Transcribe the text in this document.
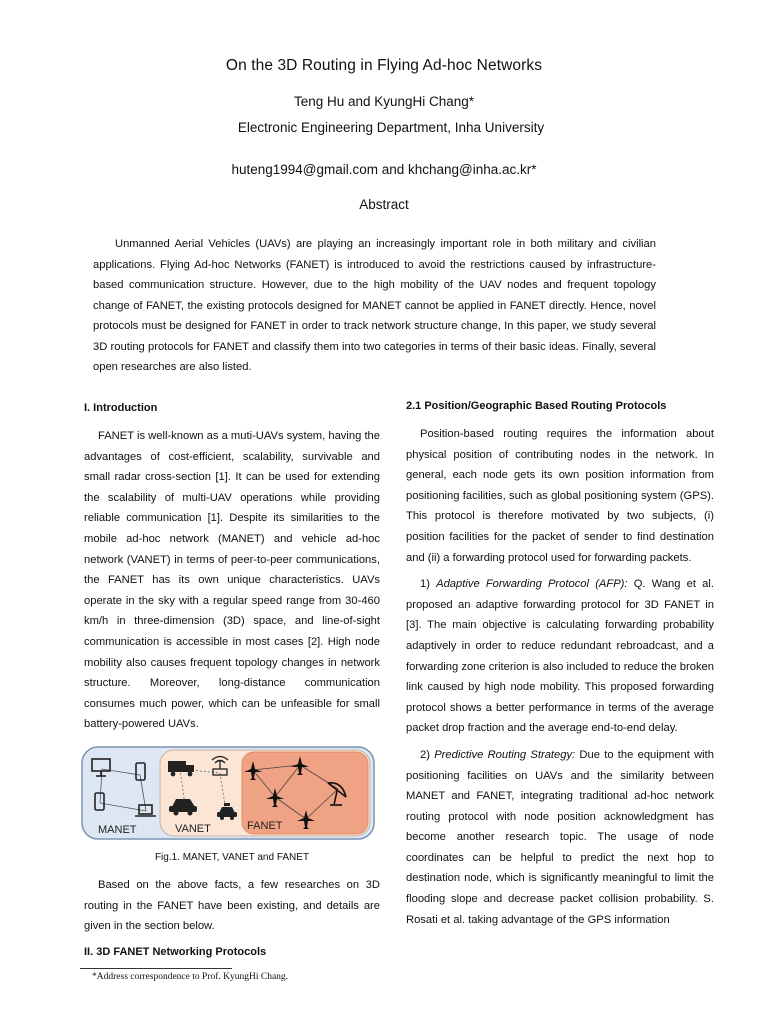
On the 3D Routing in Flying Ad-hoc Networks
Teng Hu and KyungHi Chang*
Electronic Engineering Department, Inha University
huteng1994@gmail.com and khchang@inha.ac.kr*
Abstract

Unmanned Aerial Vehicles (UAVs) are playing an increasingly important role in both military and civilian applications. Flying Ad-hoc Networks (FANET) is introduced to avoid the restrictions caused by infrastructure-based communication structure. However, due to the high mobility of the UAV nodes and frequent topology change of FANET, the existing protocols designed for MANET cannot be applied in FANET directly. Hence, novel protocols must be designed for FANET in order to track network structure change, In this paper, we study several 3D routing protocols for FANET and classify them into two categories in terms of their basic ideas. Finally, several open researches are also listed.

I. Introduction

FANET is well-known as a muti-UAVs system, having the advantages of cost-efficient, scalability, survivable and small radar cross-section [1]. It can be used for extending the scalability of multi-UAV operations while providing reliable communication [1]. Despite its similarities to the mobile ad-hoc network (MANET) and vehicle ad-hoc network (VANET) in terms of peer-to-peer communications, the FANET has its own unique characteristics. UAVs operate in the sky with a regular speed range from 30-460 km/h in three-dimension (3D) space, and line-of-sight communication is accessible in most cases [2]. High node mobility also causes frequent topology changes in network structure. Moreover, long-distance communication consumes much power, which can be unfeasible for small battery-powered UAVs.

MANET	VANET	FANET
Fig.1. MANET, VANET and FANET

Based on the above facts, a few researches on 3D routing in the FANET have been existing, and details are given in the section below.

II. 3D FANET Networking Protocols
2.1 Position/Geographic Based Routing Protocols

Position-based routing requires the information about physical position of contributing nodes in the network. In general, each node gets its own position information from positioning facilities, such as global positioning system (GPS). This protocol is therefore motivated by two subjects, (i) position facilities for the packet of sender to find destination and (ii) a forwarding protocol used for forwarding packets.

1) Adaptive Forwarding Protocol (AFP): Q. Wang et al. proposed an adaptive forwarding protocol for 3D FANET in [3]. The main objective is calculating forwarding probability adaptively in order to reduce redundant rebroadcast, and a forwarding zone criterion is also included to reduce the broken link caused by high node mobility. This proposed forwarding protocol shows a better performance in terms of the average packet drop fraction and the average end-to-end delay.

2) Predictive Routing Strategy: Due to the equipment with positioning facilities on UAVs and the similarity between MANET and FANET, integrating traditional ad-hoc network routing protocol with node position acknowledgment has become another research topic. The usage of node coordinates can be helpful to predict the next hop to destination node, which is significantly meaningful to limit the flooding slope and decrease packet collision probability. S. Rosati et al. taking advantage of the GPS information

*Address correspondence to Prof. KyungHi Chang.
